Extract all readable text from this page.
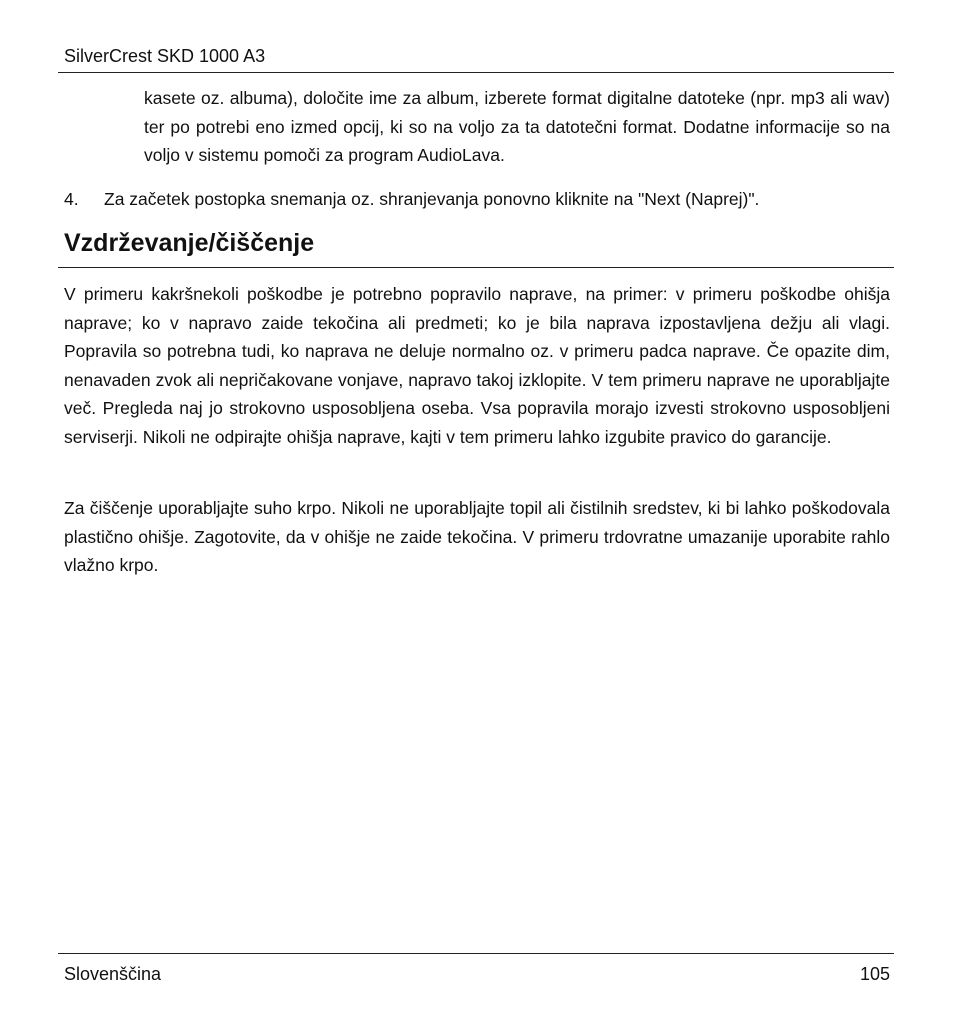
SilverCrest SKD 1000 A3

kasete oz. albuma), določite ime za album, izberete format digitalne datoteke (npr. mp3 ali wav) ter po potrebi eno izmed opcij, ki so na voljo za ta datotečni format. Dodatne informacije so na voljo v sistemu pomoči za program AudioLava.

4. Za začetek postopka snemanja oz. shranjevanja ponovno kliknite na "Next (Naprej)".
Vzdrževanje/čiščenje

V primeru kakršnekoli poškodbe je potrebno popravilo naprave, na primer: v primeru poškodbe ohišja naprave; ko v napravo zaide tekočina ali predmeti; ko je bila naprava izpostavljena dežju ali vlagi. Popravila so potrebna tudi, ko naprava ne deluje normalno oz. v primeru padca naprave. Če opazite dim, nenavaden zvok ali nepričakovane vonjave, napravo takoj izklopite. V tem primeru naprave ne uporabljajte več. Pregleda naj jo strokovno usposobljena oseba. Vsa popravila morajo izvesti strokovno usposobljeni serviserji. Nikoli ne odpirajte ohišja naprave, kajti v tem primeru lahko izgubite pravico do garancije.

Za čiščenje uporabljajte suho krpo. Nikoli ne uporabljajte topil ali čistilnih sredstev, ki bi lahko poškodovala plastično ohišje. Zagotovite, da v ohišje ne zaide tekočina. V primeru trdovratne umazanije uporabite rahlo vlažno krpo.

Slovenščina	105
